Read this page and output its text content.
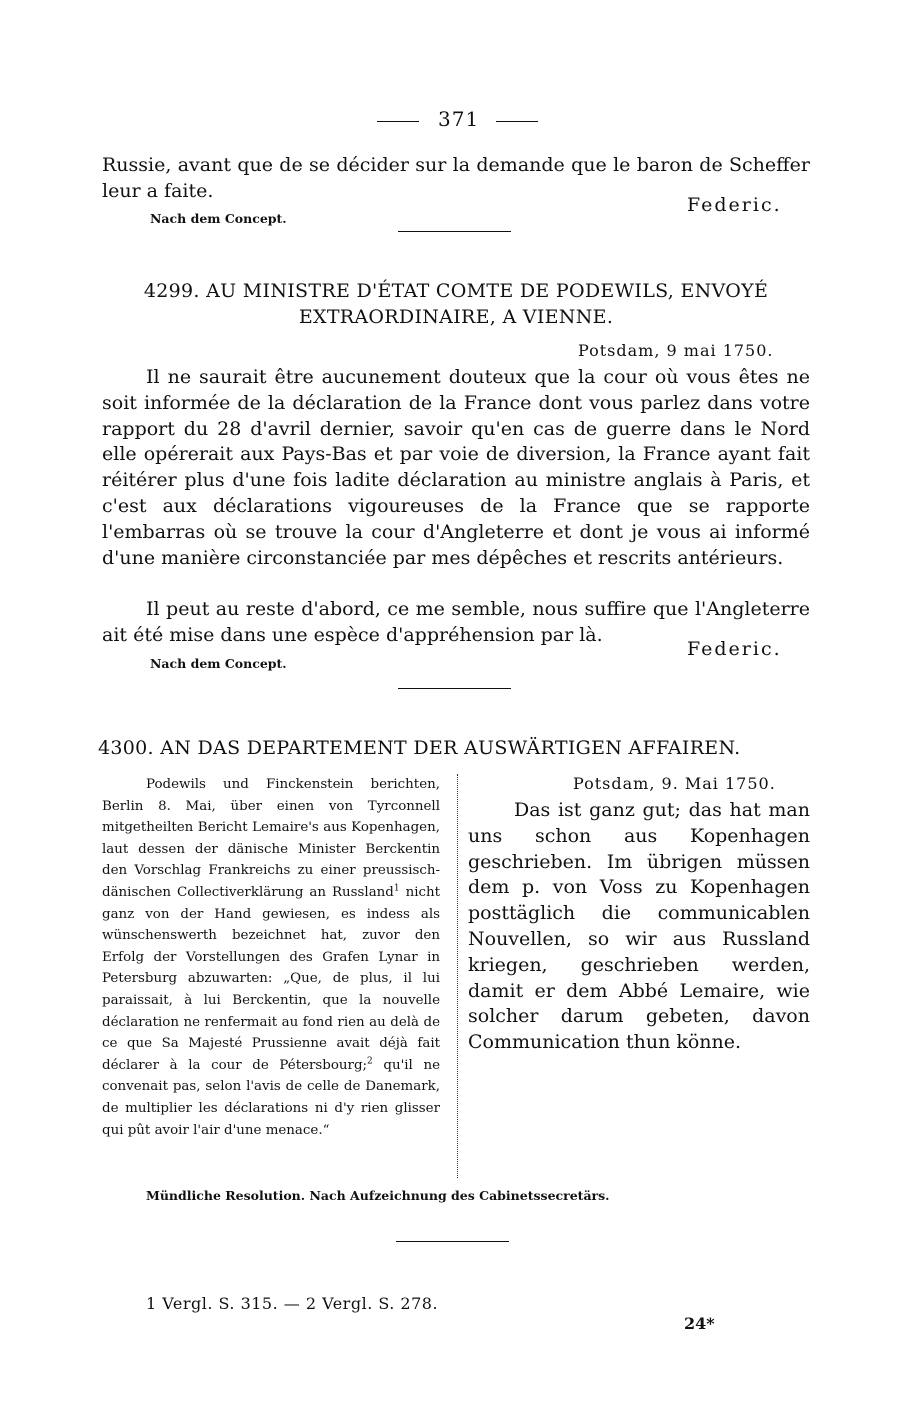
371
Russie, avant que de se décider sur la demande que le baron de Scheffer leur a faite.
Federic.
Nach dem Concept.
4299. AU MINISTRE D'ÉTAT COMTE DE PODEWILS, ENVOYÉ EXTRAORDINAIRE, A VIENNE.
Potsdam, 9 mai 1750.
Il ne saurait être aucunement douteux que la cour où vous êtes ne soit informée de la déclaration de la France dont vous parlez dans votre rapport du 28 d'avril dernier, savoir qu'en cas de guerre dans le Nord elle opérerait aux Pays-Bas et par voie de diversion, la France ayant fait réitérer plus d'une fois ladite déclaration au ministre anglais à Paris, et c'est aux déclarations vigoureuses de la France que se rapporte l'embarras où se trouve la cour d'Angleterre et dont je vous ai informé d'une manière circonstanciée par mes dépêches et rescrits antérieurs.
Il peut au reste d'abord, ce me semble, nous suffire que l'Angleterre ait été mise dans une espèce d'appréhension par là.
Federic.
Nach dem Concept.
4300. AN DAS DEPARTEMENT DER AUSWÄRTIGEN AFFAIREN.
Podewils und Finckenstein berichten, Berlin 8. Mai, über einen von Tyrconnell mitgetheilten Bericht Lemaire's aus Kopenhagen, laut dessen der dänische Minister Berckentin den Vorschlag Frankreichs zu einer preussisch-dänischen Collectiverklärung an Russland$^1$ nicht ganz von der Hand gewiesen, es indess als wünschenswerth bezeichnet hat, zuvor den Erfolg der Vorstellungen des Grafen Lynar in Petersburg abzuwarten: „Que, de plus, il lui paraissait, à lui Berckentin, que la nouvelle déclaration ne renfermait au fond rien au delà de ce que Sa Majesté Prussienne avait déjà fait déclarer à la cour de Pétersbourg;$^2$ qu'il ne convenait pas, selon l'avis de celle de Danemark, de multiplier les déclarations ni d'y rien glisser qui pût avoir l'air d'une menace.“
Potsdam, 9. Mai 1750.
Das ist ganz gut; das hat man uns schon aus Kopenhagen geschrieben. Im übrigen müssen dem p. von Voss zu Kopenhagen posttäglich die communicablen Nouvellen, so wir aus Russland kriegen, geschrieben werden, damit er dem Abbé Lemaire, wie solcher darum gebeten, davon Communication thun könne.
Mündliche Resolution. Nach Aufzeichnung des Cabinetssecretärs.
1 Vergl. S. 315. — 2 Vergl. S. 278.
24*
